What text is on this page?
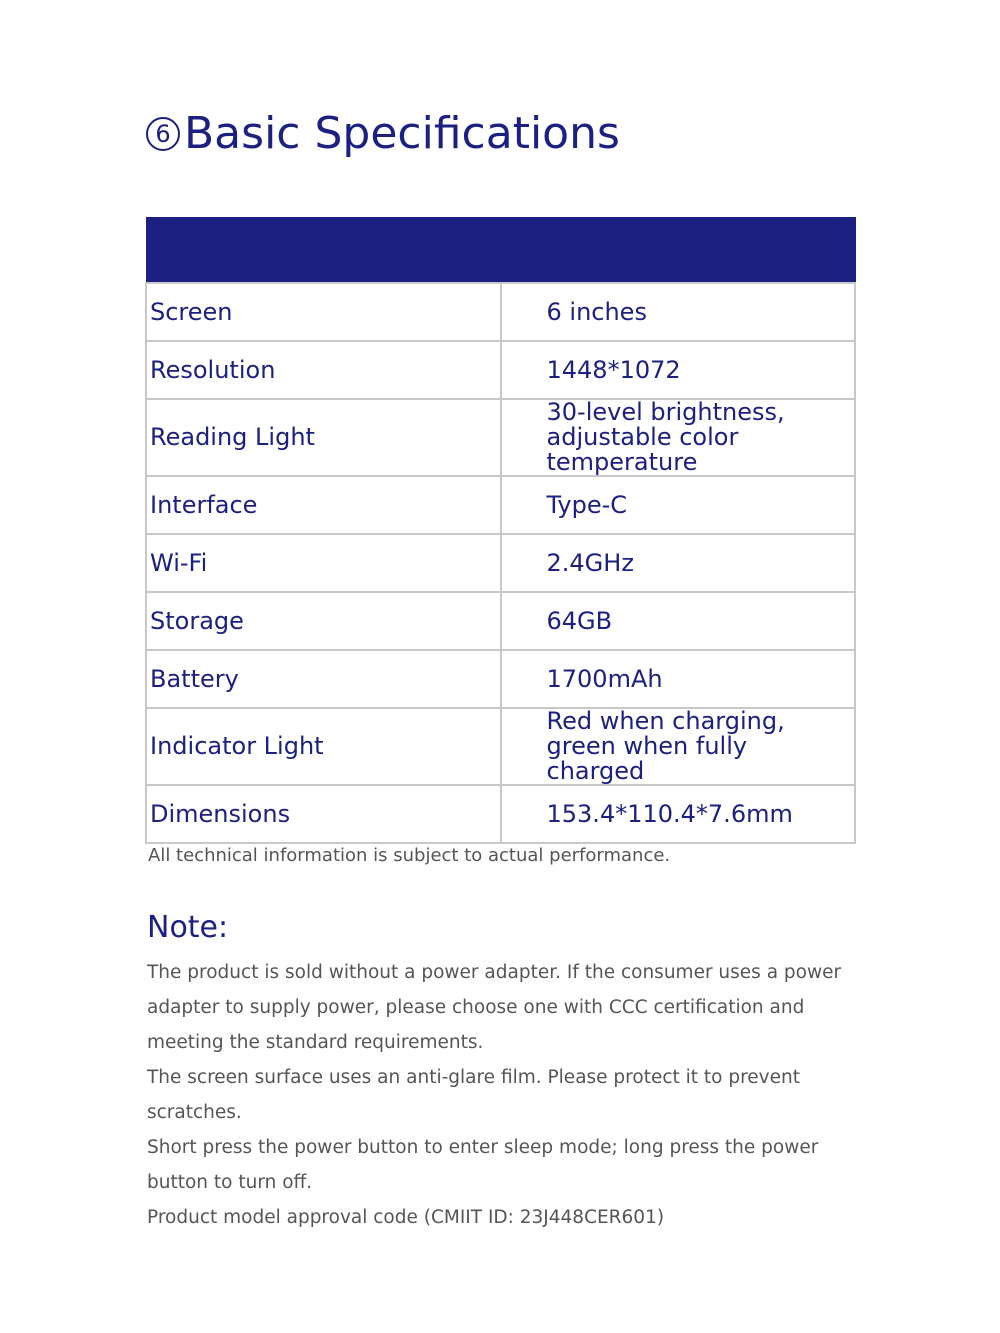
6 Basic Specifications

Screen	6 inches
Resolution	1448*1072
Reading Light	30-level brightness, adjustable color temperature
Interface	Type-C
Wi-Fi	2.4GHz
Storage	64GB
Battery	1700mAh
Indicator Light	Red when charging, green when fully charged
Dimensions	153.4*110.4*7.6mm
All technical information is subject to actual performance.
Note:

The product is sold without a power adapter. If the consumer uses a power adapter to supply power, please choose one with CCC certification and meeting the standard requirements.

The screen surface uses an anti-glare film. Please protect it to prevent scratches.

Short press the power button to enter sleep mode; long press the power button to turn off.

Product model approval code (CMIIT ID: 23J448CER601)
